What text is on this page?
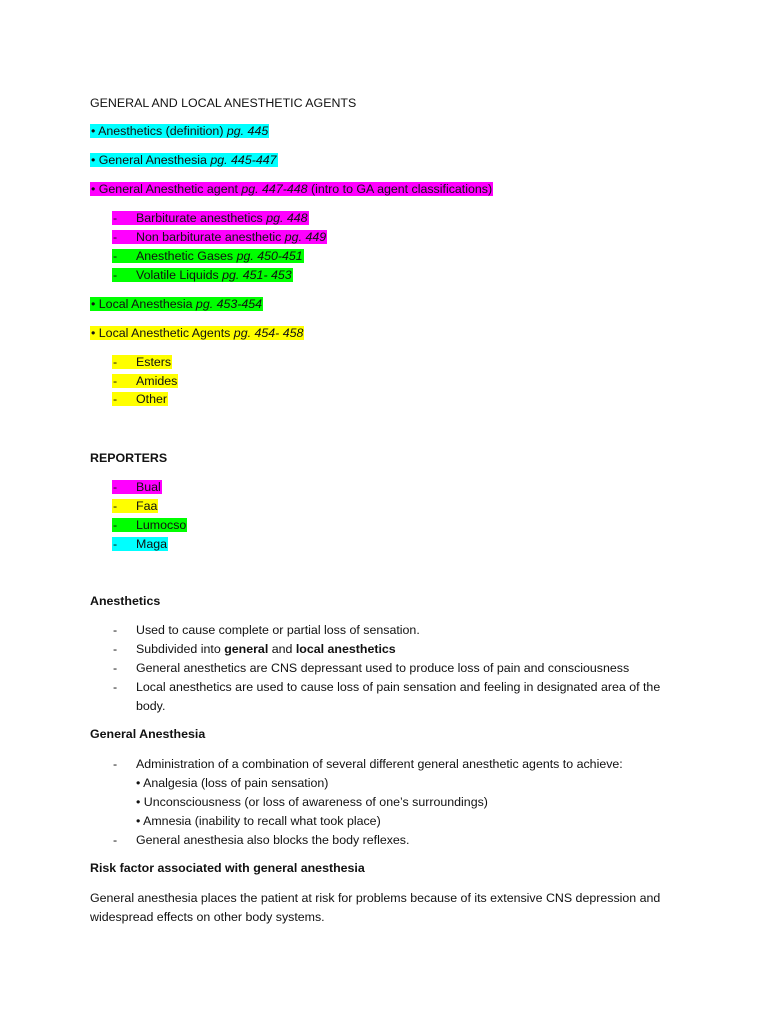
GENERAL AND LOCAL ANESTHETIC AGENTS
• Anesthetics (definition) pg. 445
• General Anesthesia pg. 445-447
• General Anesthetic agent pg. 447-448 (intro to GA agent classifications)
- Barbiturate anesthetics pg. 448
- Non barbiturate anesthetic pg. 449
- Anesthetic Gases pg. 450-451
- Volatile Liquids pg. 451- 453
• Local Anesthesia pg. 453-454
• Local Anesthetic Agents pg. 454- 458
- Esters
- Amides
- Other
REPORTERS
- Bual
- Faa
- Lumocso
- Maga
Anesthetics
- Used to cause complete or partial loss of sensation.
- Subdivided into general and local anesthetics
- General anesthetics are CNS depressant used to produce loss of pain and consciousness
- Local anesthetics are used to cause loss of pain sensation and feeling in designated area of the body.
General Anesthesia
- Administration of a combination of several different general anesthetic agents to achieve:
• Analgesia (loss of pain sensation)
• Unconsciousness (or loss of awareness of one’s surroundings)
• Amnesia (inability to recall what took place)
- General anesthesia also blocks the body reflexes.
Risk factor associated with general anesthesia
General anesthesia places the patient at risk for problems because of its extensive CNS depression and widespread effects on other body systems.
